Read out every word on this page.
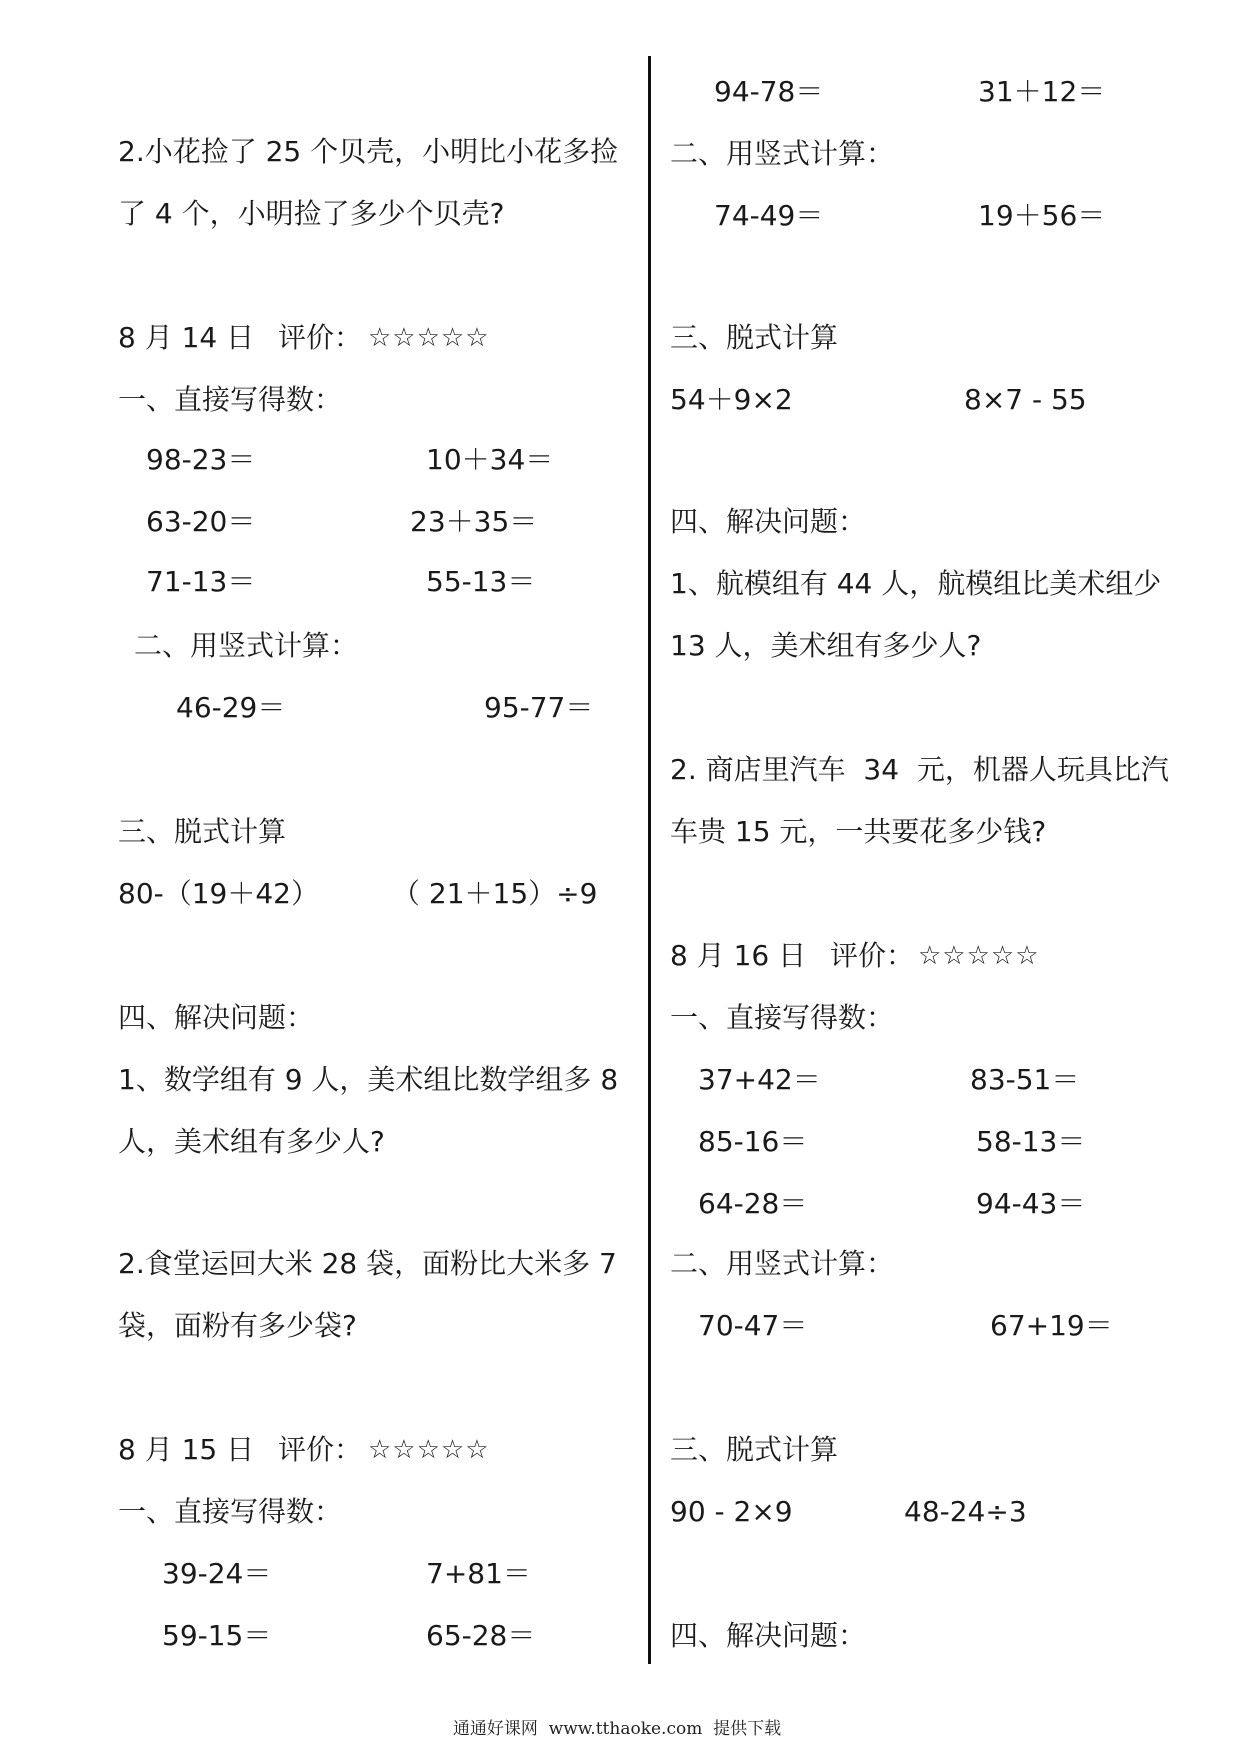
2.小花捡了 25 个贝壳，小明比小花多捡
了 4 个，小明捡了多少个贝壳?
8 月 14 日 评价： ☆☆☆☆☆
一、直接写得数：
98-23＝	10＋34＝
63-20＝	23＋35＝
71-13＝	55-13＝
二、用竖式计算：
46-29＝	95-77＝
三、脱式计算
80-（19＋42）	（ 21＋15）÷9
四、解决问题：
1、数学组有 9 人，美术组比数学组多 8
人，美术组有多少人?
2.食堂运回大米 28 袋，面粉比大米多 7
袋，面粉有多少袋?
8 月 15 日 评价： ☆☆☆☆☆
一、直接写得数：
39-24＝	7+81＝
59-15＝	65-28＝
94-78＝	31＋12＝
二、用竖式计算：
74-49＝	19＋56＝
三、脱式计算
54＋9×2	8×7 - 55
四、解决问题：
1、航模组有 44 人，航模组比美术组少
13 人，美术组有多少人?
2. 商店里汽车  34  元，机器人玩具比汽
车贵 15 元，一共要花多少钱?
8 月 16 日 评价： ☆☆☆☆☆
一、直接写得数：
37+42＝	83-51＝
85-16＝	58-13＝
64-28＝	94-43＝
二、用竖式计算：
70-47＝	67+19＝
三、脱式计算
90 - 2×9	48-24÷3
四、解决问题：
通通好课网  www.tthaoke.com  提供下载
